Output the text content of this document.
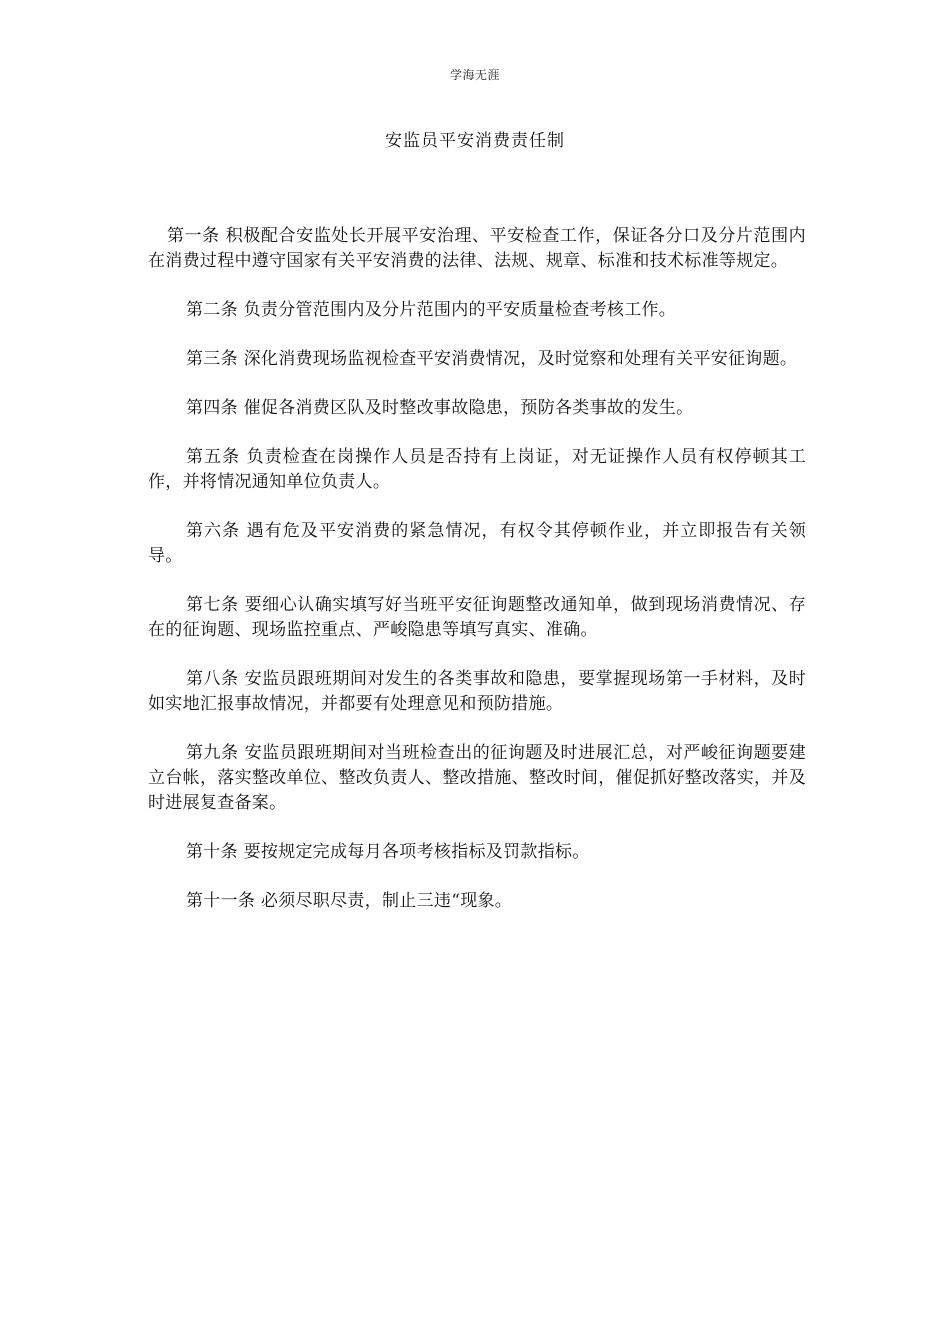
学海无涯
安监员平安消费责任制

第一条 积极配合安监处长开展平安治理、平安检查工作，保证各分口及分片范围内在消费过程中遵守国家有关平安消费的法律、法规、规章、标准和技术标准等规定。

第二条 负责分管范围内及分片范围内的平安质量检查考核工作。

第三条 深化消费现场监视检查平安消费情况，及时觉察和处理有关平安征询题。

第四条 催促各消费区队及时整改事故隐患，预防各类事故的发生。

第五条 负责检查在岗操作人员是否持有上岗证，对无证操作人员有权停顿其工作，并将情况通知单位负责人。

第六条 遇有危及平安消费的紧急情况，有权令其停顿作业，并立即报告有关领导。

第七条 要细心认确实填写好当班平安征询题整改通知单，做到现场消费情况、存在的征询题、现场监控重点、严峻隐患等填写真实、准确。

第八条 安监员跟班期间对发生的各类事故和隐患，要掌握现场第一手材料，及时如实地汇报事故情况，并都要有处理意见和预防措施。

第九条 安监员跟班期间对当班检查出的征询题及时进展汇总，对严峻征询题要建立台帐，落实整改单位、整改负责人、整改措施、整改时间，催促抓好整改落实，并及时进展复查备案。

第十条 要按规定完成每月各项考核指标及罚款指标。

第十一条 必须尽职尽责，制止三违“现象。
